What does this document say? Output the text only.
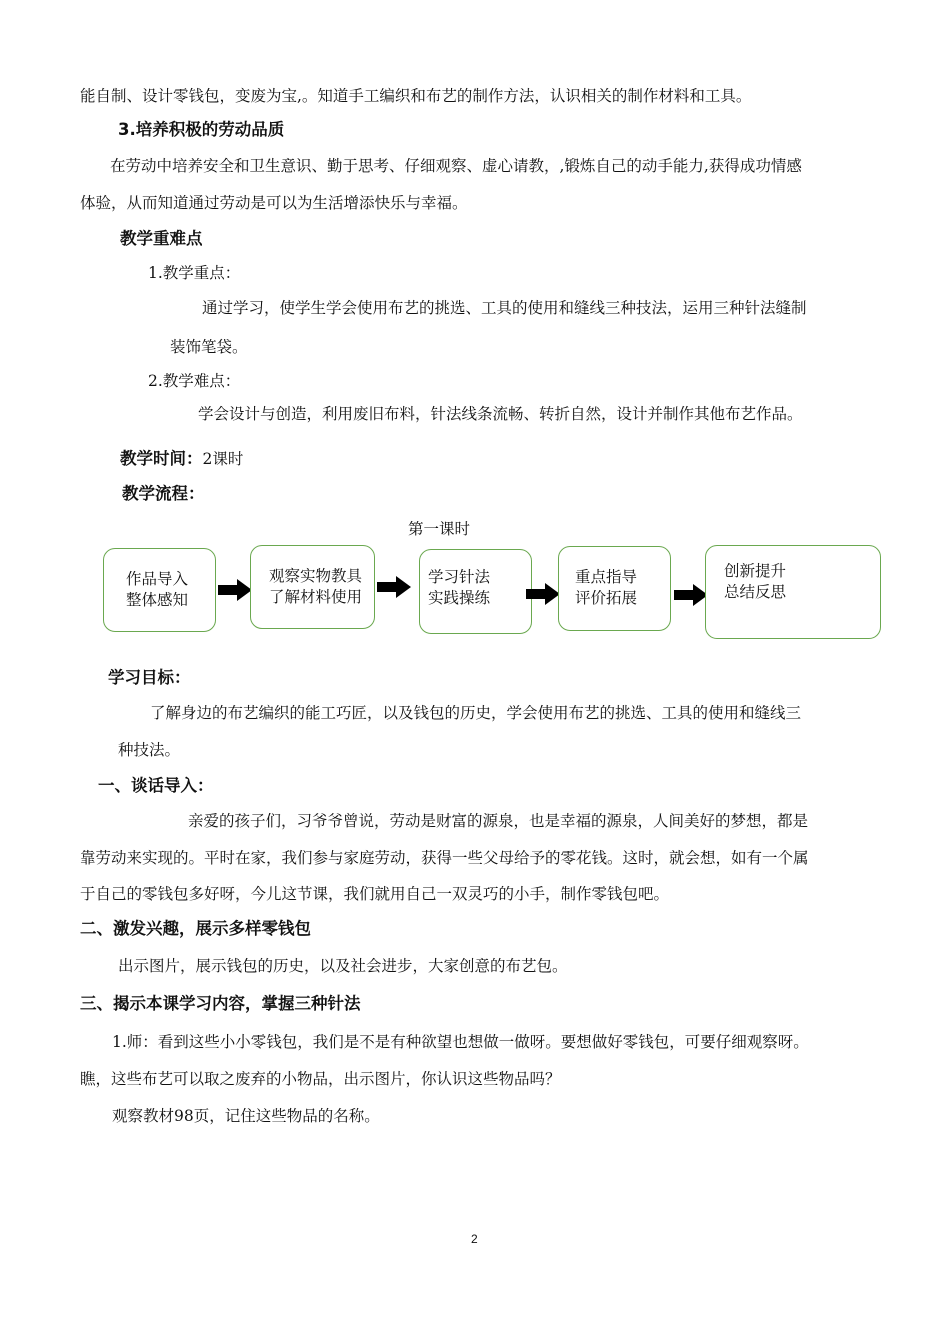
能自制、设计零钱包，变废为宝,。知道手工编织和布艺的制作方法，认识相关的制作材料和工具。
3.培养积极的劳动品质
在劳动中培养安全和卫生意识、勤于思考、仔细观察、虚心请教，,锻炼自己的动手能力,获得成功情感
体验，从而知道通过劳动是可以为生活增添快乐与幸福。
教学重难点
1.教学重点：
通过学习，使学生学会使用布艺的挑选、工具的使用和缝线三种技法，运用三种针法缝制
装饰笔袋。
2.教学难点：
学会设计与创造，利用废旧布料，针法线条流畅、转折自然，设计并制作其他布艺作品。
教学时间：2课时
教学流程：
第一课时
作品导入
整体感知
观察实物教具
了解材料使用
学习针法
实践操练
重点指导
评价拓展
创新提升
总结反思
学习目标：
了解身边的布艺编织的能工巧匠，以及钱包的历史，学会使用布艺的挑选、工具的使用和缝线三
种技法。
一、谈话导入：
亲爱的孩子们，习爷爷曾说，劳动是财富的源泉，也是幸福的源泉，人间美好的梦想，都是
靠劳动来实现的。平时在家，我们参与家庭劳动，获得一些父母给予的零花钱。这时，就会想，如有一个属
于自己的零钱包多好呀，今儿这节课，我们就用自己一双灵巧的小手，制作零钱包吧。
二、激发兴趣，展示多样零钱包
出示图片，展示钱包的历史，以及社会进步，大家创意的布艺包。
三、揭示本课学习内容，掌握三种针法
1.师：看到这些小小零钱包，我们是不是有种欲望也想做一做呀。要想做好零钱包，可要仔细观察呀。
瞧，这些布艺可以取之废弃的小物品，出示图片，你认识这些物品吗？
观察教材98页，记住这些物品的名称。
2
